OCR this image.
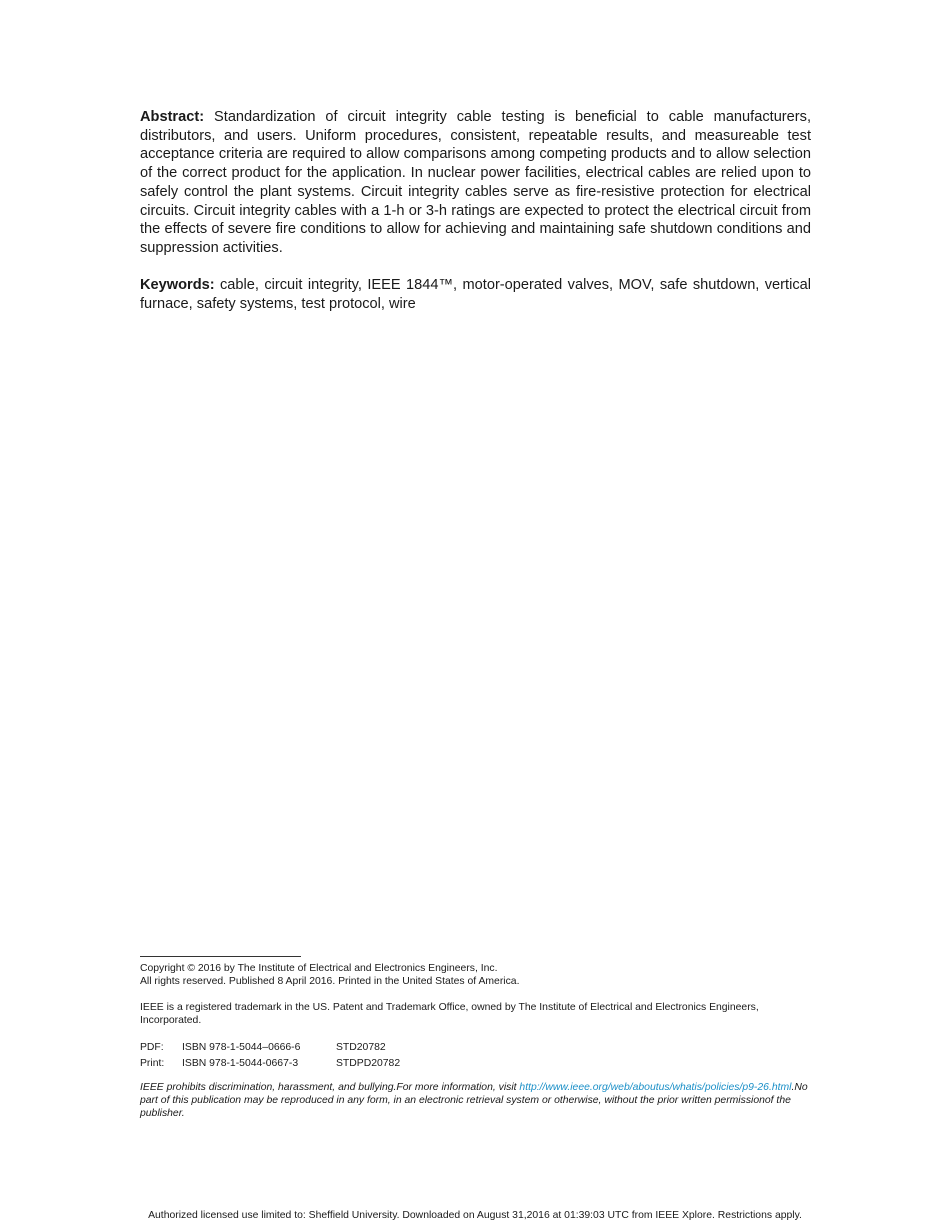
Abstract: Standardization of circuit integrity cable testing is beneficial to cable manufacturers, distributors, and users. Uniform procedures, consistent, repeatable results, and measureable test acceptance criteria are required to allow comparisons among competing products and to allow selection of the correct product for the application. In nuclear power facilities, electrical cables are relied upon to safely control the plant systems. Circuit integrity cables serve as fire-resistive protection for electrical circuits. Circuit integrity cables with a 1-h or 3-h ratings are expected to protect the electrical circuit from the effects of severe fire conditions to allow for achieving and maintaining safe shutdown conditions and suppression activities.

Keywords: cable, circuit integrity, IEEE 1844™, motor-operated valves, MOV, safe shutdown, vertical furnace, safety systems, test protocol, wire

Copyright © 2016 by The Institute of Electrical and Electronics Engineers, Inc.
All rights reserved. Published 8 April 2016. Printed in the United States of America.

IEEE is a registered trademark in the US. Patent and Trademark Office, owned by The Institute of Electrical and Electronics Engineers, Incorporated.

PDF:	ISBN 978-1-5044–0666-6	STD20782
Print:	ISBN 978-1-5044-0667-3	STDPD20782

IEEE prohibits discrimination, harassment, and bullying.For more information, visit http://www.ieee.org/web/aboutus/whatis/policies/p9-26.html.No part of this publication may be reproduced in any form, in an electronic retrieval system or otherwise, without the prior written permissionof the publisher.

Authorized licensed use limited to: Sheffield University. Downloaded on August 31,2016 at 01:39:03 UTC from IEEE Xplore. Restrictions apply.
